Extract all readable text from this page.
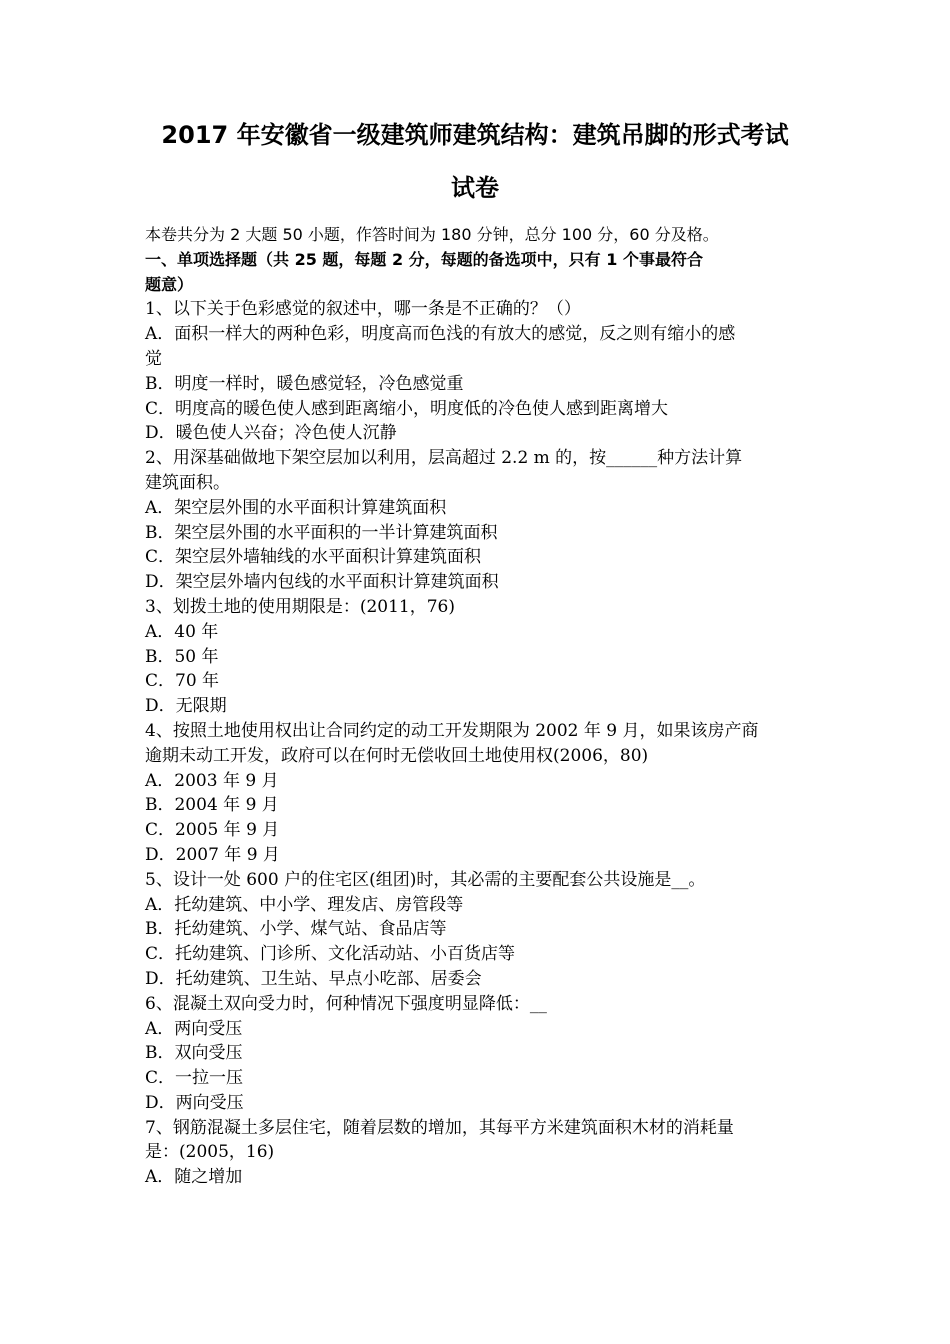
2017 年安徽省一级建筑师建筑结构：建筑吊脚的形式考试
试卷
本卷共分为 2 大题 50 小题，作答时间为 180 分钟，总分 100 分，60 分及格。
一、单项选择题（共 25 题，每题 2 分，每题的备选项中，只有 1 个事最符合
题意）
1、以下关于色彩感觉的叙述中，哪一条是不正确的？（）
A．面积一样大的两种色彩，明度高而色浅的有放大的感觉，反之则有缩小的感
觉
B．明度一样时，暖色感觉轻，冷色感觉重
C．明度高的暖色使人感到距离缩小，明度低的冷色使人感到距离增大
D．暖色使人兴奋；冷色使人沉静
2、用深基础做地下架空层加以利用，层高超过 2.2 m 的，按______种方法计算
建筑面积。
A．架空层外围的水平面积计算建筑面积
B．架空层外围的水平面积的一半计算建筑面积
C．架空层外墙轴线的水平面积计算建筑面积
D．架空层外墙内包线的水平面积计算建筑面积
3、划拨土地的使用期限是：(2011，76)
A．40 年
B．50 年
C．70 年
D．无限期
4、按照土地使用权出让合同约定的动工开发期限为 2002 年 9 月，如果该房产商
逾期未动工开发，政府可以在何时无偿收回土地使用权(2006，80)
A．2003 年 9 月
B．2004 年 9 月
C．2005 年 9 月
D．2007 年 9 月
5、设计一处 600 户的住宅区(组团)时，其必需的主要配套公共设施是__。
A．托幼建筑、中小学、理发店、房管段等
B．托幼建筑、小学、煤气站、食品店等
C．托幼建筑、门诊所、文化活动站、小百货店等
D．托幼建筑、卫生站、早点小吃部、居委会
6、混凝土双向受力时，何种情况下强度明显降低：__
A．两向受压
B．双向受压
C．一拉一压
D．两向受压
7、钢筋混凝土多层住宅，随着层数的增加，其每平方米建筑面积木材的消耗量
是：(2005，16)
A．随之增加
